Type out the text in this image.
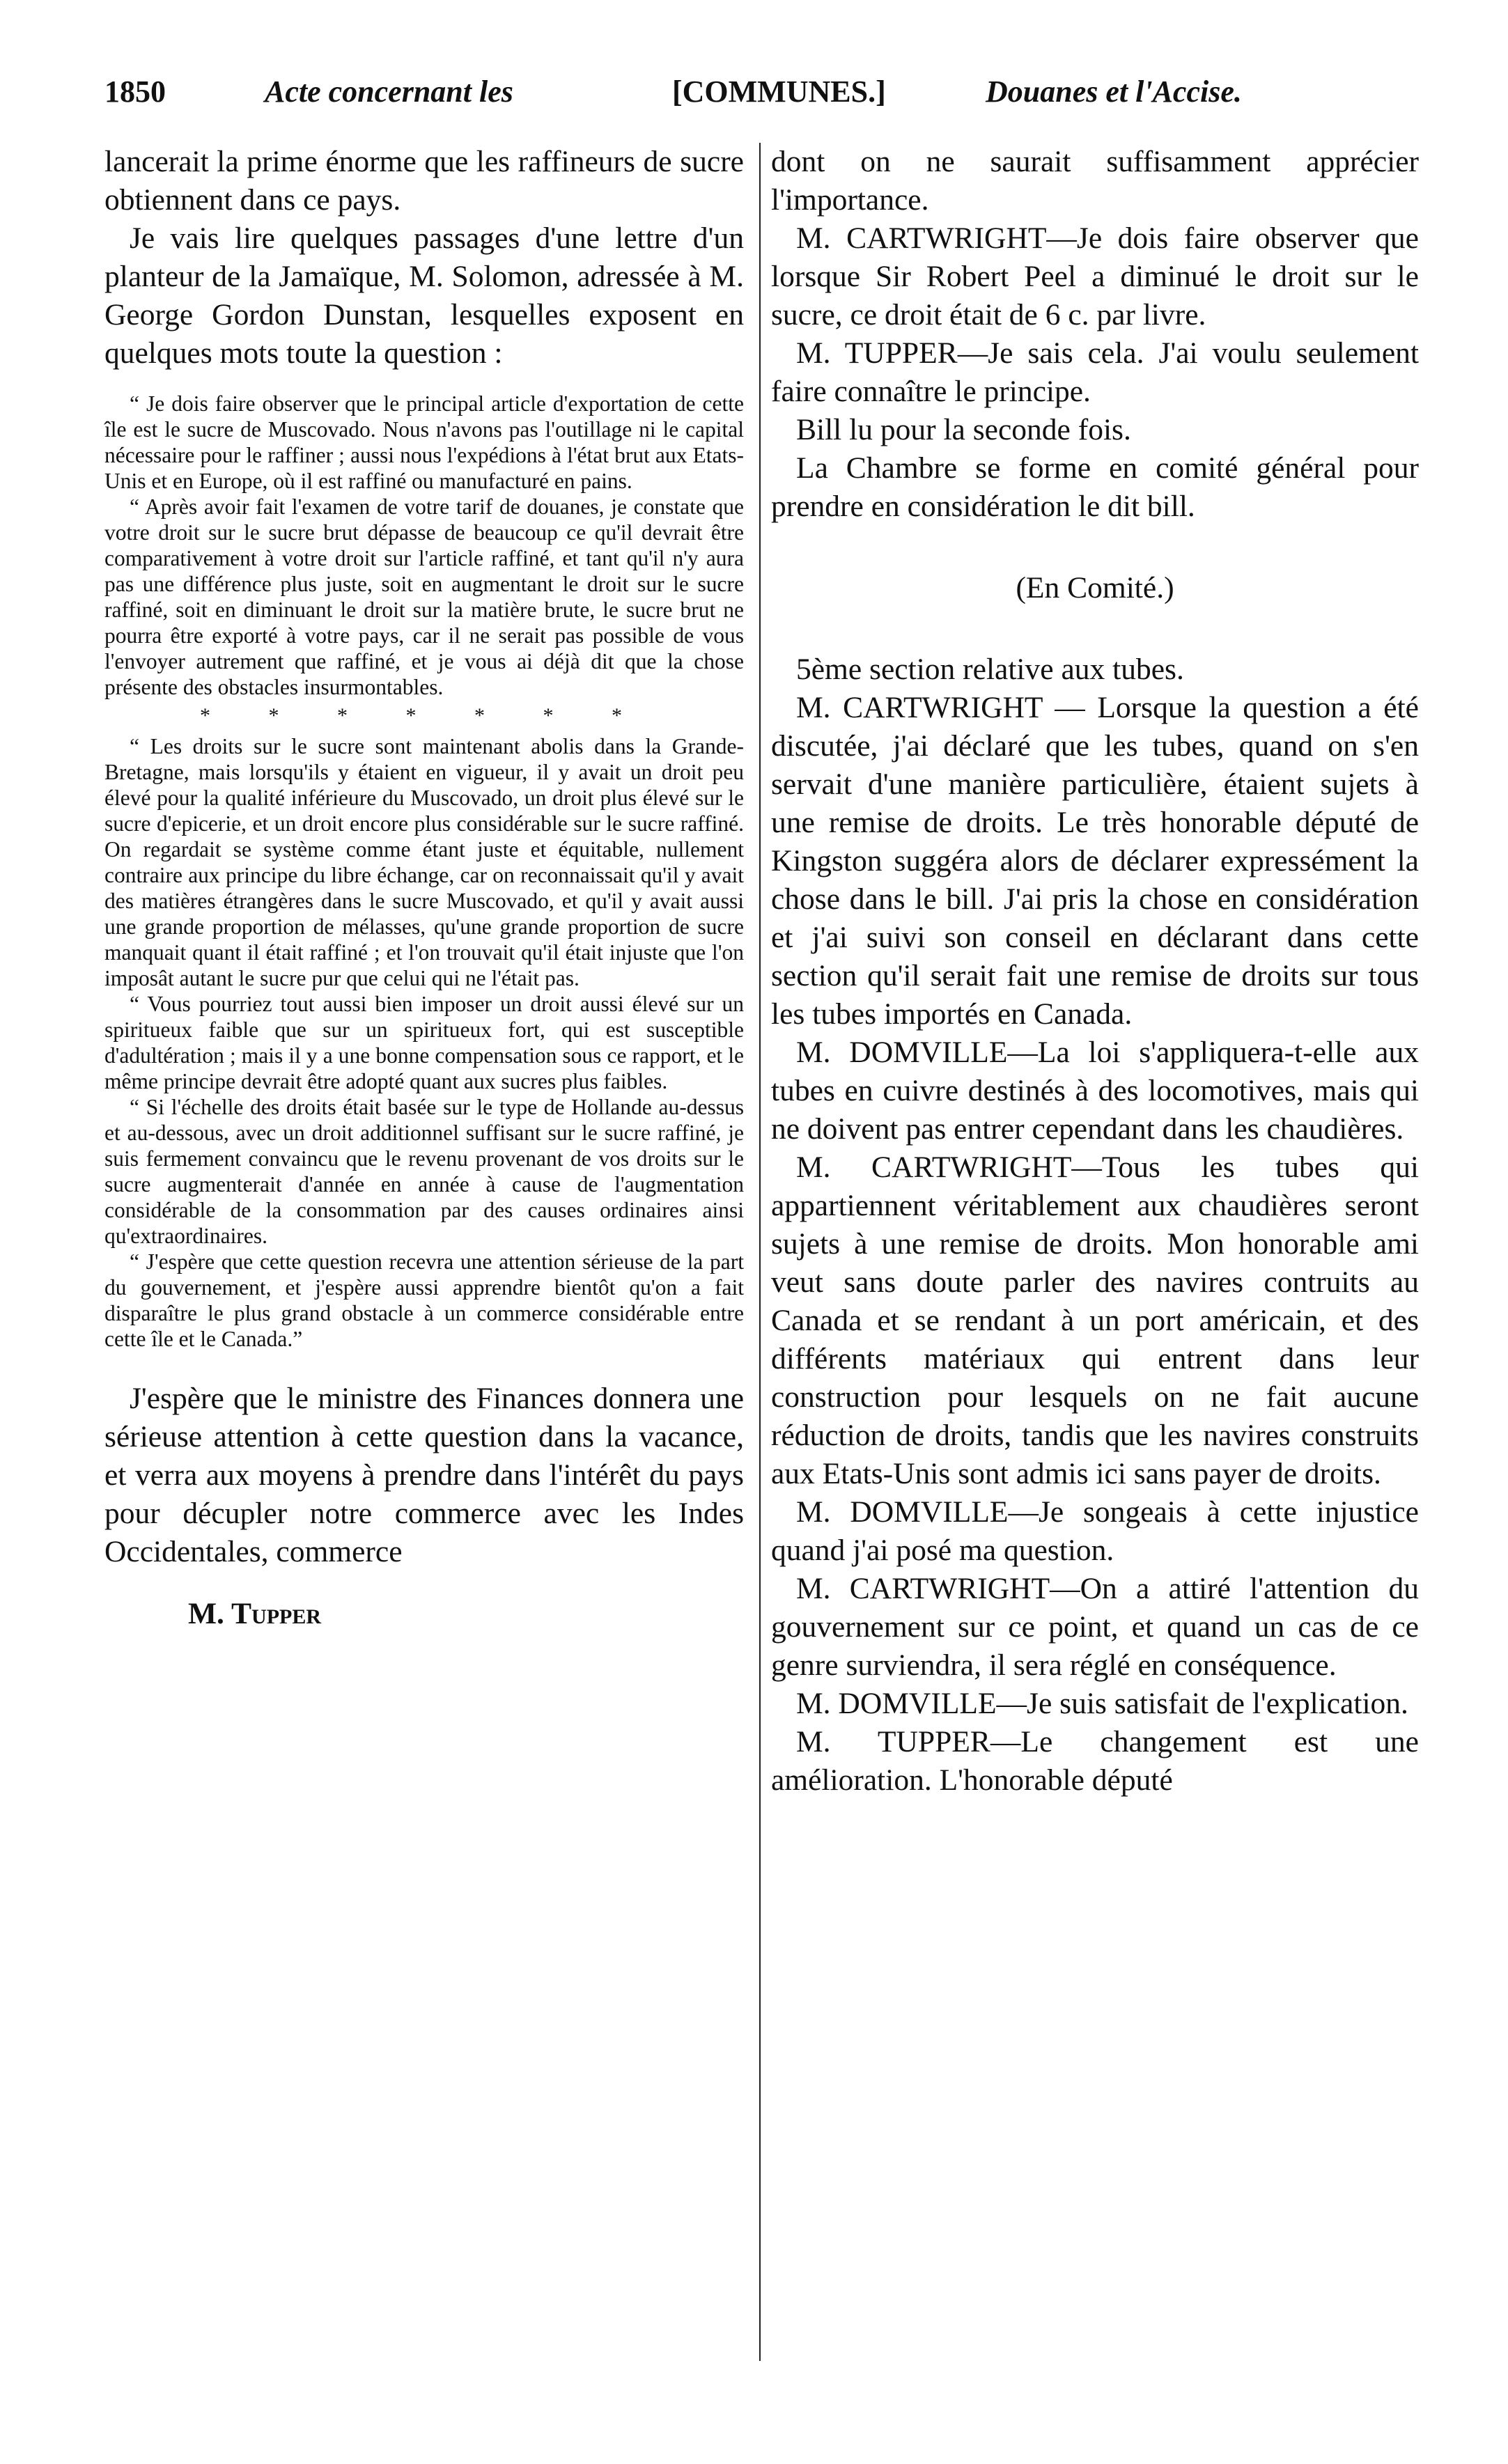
1850	Acte concernant les	[COMMUNES.]	Douanes et l'Accise.

lancerait la prime énorme que les raffineurs de sucre obtiennent dans ce pays.

Je vais lire quelques passages d'une lettre d'un planteur de la Jamaïque, M. Solomon, adressée à M. George Gordon Dunstan, lesquelles exposent en quelques mots toute la question :

“ Je dois faire observer que le principal article d'exportation de cette île est le sucre de Muscovado. Nous n'avons pas l'outillage ni le capital nécessaire pour le raffiner ; aussi nous l'expédions à l'état brut aux Etats-Unis et en Europe, où il est raffiné ou manufacturé en pains.

“ Après avoir fait l'examen de votre tarif de douanes, je constate que votre droit sur le sucre brut dépasse de beaucoup ce qu'il devrait être comparativement à votre droit sur l'article raffiné, et tant qu'il n'y aura pas une différence plus juste, soit en augmentant le droit sur le sucre raffiné, soit en diminuant le droit sur la matière brute, le sucre brut ne pourra être exporté à votre pays, car il ne serait pas possible de vous l'envoyer autrement que raffiné, et je vous ai déjà dit que la chose présente des obstacles insurmontables.

* * * * * * *

“ Les droits sur le sucre sont maintenant abolis dans la Grande-Bretagne, mais lorsqu'ils y étaient en vigueur, il y avait un droit peu élevé pour la qualité inférieure du Muscovado, un droit plus élevé sur le sucre d'epicerie, et un droit encore plus considérable sur le sucre raffiné. On regardait se système comme étant juste et équitable, nullement contraire aux principe du libre échange, car on reconnaissait qu'il y avait des matières étrangères dans le sucre Muscovado, et qu'il y avait aussi une grande proportion de mélasses, qu'une grande proportion de sucre manquait quant il était raffiné ; et l'on trouvait qu'il était injuste que l'on imposât autant le sucre pur que celui qui ne l'était pas.

“ Vous pourriez tout aussi bien imposer un droit aussi élevé sur un spiritueux faible que sur un spiritueux fort, qui est susceptible d'adultération ; mais il y a une bonne compensation sous ce rapport, et le même principe devrait être adopté quant aux sucres plus faibles.

“ Si l'échelle des droits était basée sur le type de Hollande au-dessus et au-dessous, avec un droit additionnel suffisant sur le sucre raffiné, je suis fermement convaincu que le revenu provenant de vos droits sur le sucre augmenterait d'année en année à cause de l'augmentation considérable de la consommation par des causes ordinaires ainsi qu'extraordinaires.

“ J'espère que cette question recevra une attention sérieuse de la part du gouvernement, et j'espère aussi apprendre bientôt qu'on a fait disparaître le plus grand obstacle à un commerce considérable entre cette île et le Canada.”

J'espère que le ministre des Finances donnera une sérieuse attention à cette question dans la vacance, et verra aux moyens à prendre dans l'intérêt du pays pour décupler notre commerce avec les Indes Occidentales, commerce

M. Tupper

dont on ne saurait suffisamment apprécier l'importance.

M. CARTWRIGHT—Je dois faire observer que lorsque Sir Robert Peel a diminué le droit sur le sucre, ce droit était de 6 c. par livre.

M. TUPPER—Je sais cela. J'ai voulu seulement faire connaître le principe.

Bill lu pour la seconde fois.

La Chambre se forme en comité général pour prendre en considération le dit bill.

(En Comité.)

5ème section relative aux tubes.

M. CARTWRIGHT — Lorsque la question a été discutée, j'ai déclaré que les tubes, quand on s'en servait d'une manière particulière, étaient sujets à une remise de droits. Le très honorable député de Kingston suggéra alors de déclarer expressément la chose dans le bill. J'ai pris la chose en considération et j'ai suivi son conseil en déclarant dans cette section qu'il serait fait une remise de droits sur tous les tubes importés en Canada.

M. DOMVILLE—La loi s'appliquera-t-elle aux tubes en cuivre destinés à des locomotives, mais qui ne doivent pas entrer cependant dans les chaudières.

M. CARTWRIGHT—Tous les tubes qui appartiennent véritablement aux chaudières seront sujets à une remise de droits. Mon honorable ami veut sans doute parler des navires contruits au Canada et se rendant à un port américain, et des différents matériaux qui entrent dans leur construction pour lesquels on ne fait aucune réduction de droits, tandis que les navires construits aux Etats-Unis sont admis ici sans payer de droits.

M. DOMVILLE—Je songeais à cette injustice quand j'ai posé ma question.

M. CARTWRIGHT—On a attiré l'attention du gouvernement sur ce point, et quand un cas de ce genre surviendra, il sera réglé en conséquence.

M. DOMVILLE—Je suis satisfait de l'explication.

M. TUPPER—Le changement est une amélioration. L'honorable député
